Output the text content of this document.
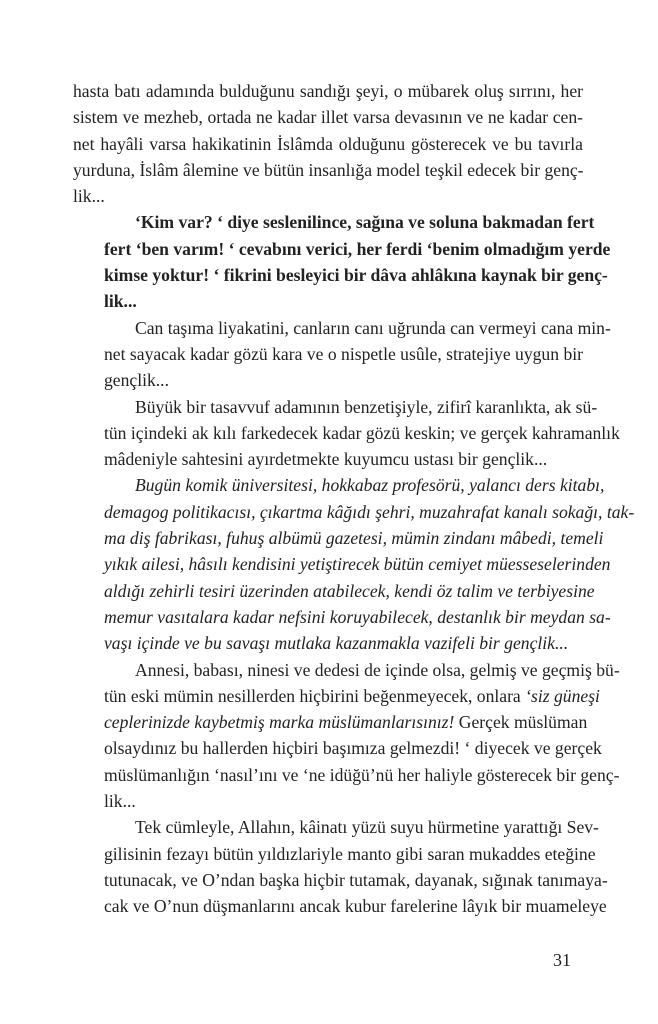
hasta batı adamında bulduğunu sandığı şeyi, o mübarek oluş sırrını, her
sistem ve mezheb, ortada ne kadar illet varsa devasının ve ne kadar cen-
net hayâli varsa hakikatinin İslâmda olduğunu gösterecek ve bu tavırla
yurduna, İslâm âlemine ve bütün insanlığa model teşkil edecek bir genç-
lik...
‘Kim var? ‘ diye seslenilince, sağına ve soluna bakmadan fert
fert ‘ben varım! ‘ cevabını verici, her ferdi ‘benim olmadığım yerde
kimse yoktur! ‘ fikrini besleyici bir dâva ahlâkına kaynak bir genç-
lik...
Can taşıma liyakatini, canların canı uğrunda can vermeyi cana min-
net sayacak kadar gözü kara ve o nispetle usûle, stratejiye uygun bir
gençlik...
Büyük bir tasavvuf adamının benzetişiyle, zifirî karanlıkta, ak sü-
tün içindeki ak kılı farkedecek kadar gözü keskin; ve gerçek kahramanlık
mâdeniyle sahtesini ayırdetmekte kuyumcu ustası bir gençlik...
Bugün komik üniversitesi, hokkabaz profesörü, yalancı ders kitabı,
demagog politikacısı, çıkartma kâğıdı şehri, muzahrafat kanalı sokağı, tak-
ma diş fabrikası, fuhuş albümü gazetesi, mümin zindanı mâbedi, temeli
yıkık ailesi, hâsılı kendisini yetiştirecek bütün cemiyet müesseselerinden
aldığı zehirli tesiri üzerinden atabilecek, kendi öz talim ve terbiyesine
memur vasıtalara kadar nefsini koruyabilecek, destanlık bir meydan sa-
vaşı içinde ve bu savaşı mutlaka kazanmakla vazifeli bir gençlik...
Annesi, babası, ninesi ve dedesi de içinde olsa, gelmiş ve geçmiş bü-
tün eski mümin nesillerden hiçbirini beğenmeyecek, onlara ‘siz güneşi
ceplerinizde kaybetmiş marka müslümanlarısınız! Gerçek müslüman
olsaydınız bu hallerden hiçbiri başımıza gelmezdi! ‘ diyecek ve gerçek
müslümanlığın ‘nasıl’ını ve ‘ne idüğü’nü her haliyle gösterecek bir genç-
lik...
Tek cümleyle, Allahın, kâinatı yüzü suyu hürmetine yarattığı Sev-
gilisinin fezayı bütün yıldızlariyle manto gibi saran mukaddes eteğine
tutunacak, ve O’ndan başka hiçbir tutamak, dayanak, sığınak tanımaya-
cak ve O’nun düşmanlarını ancak kubur farelerine lâyık bir muameleye
31
